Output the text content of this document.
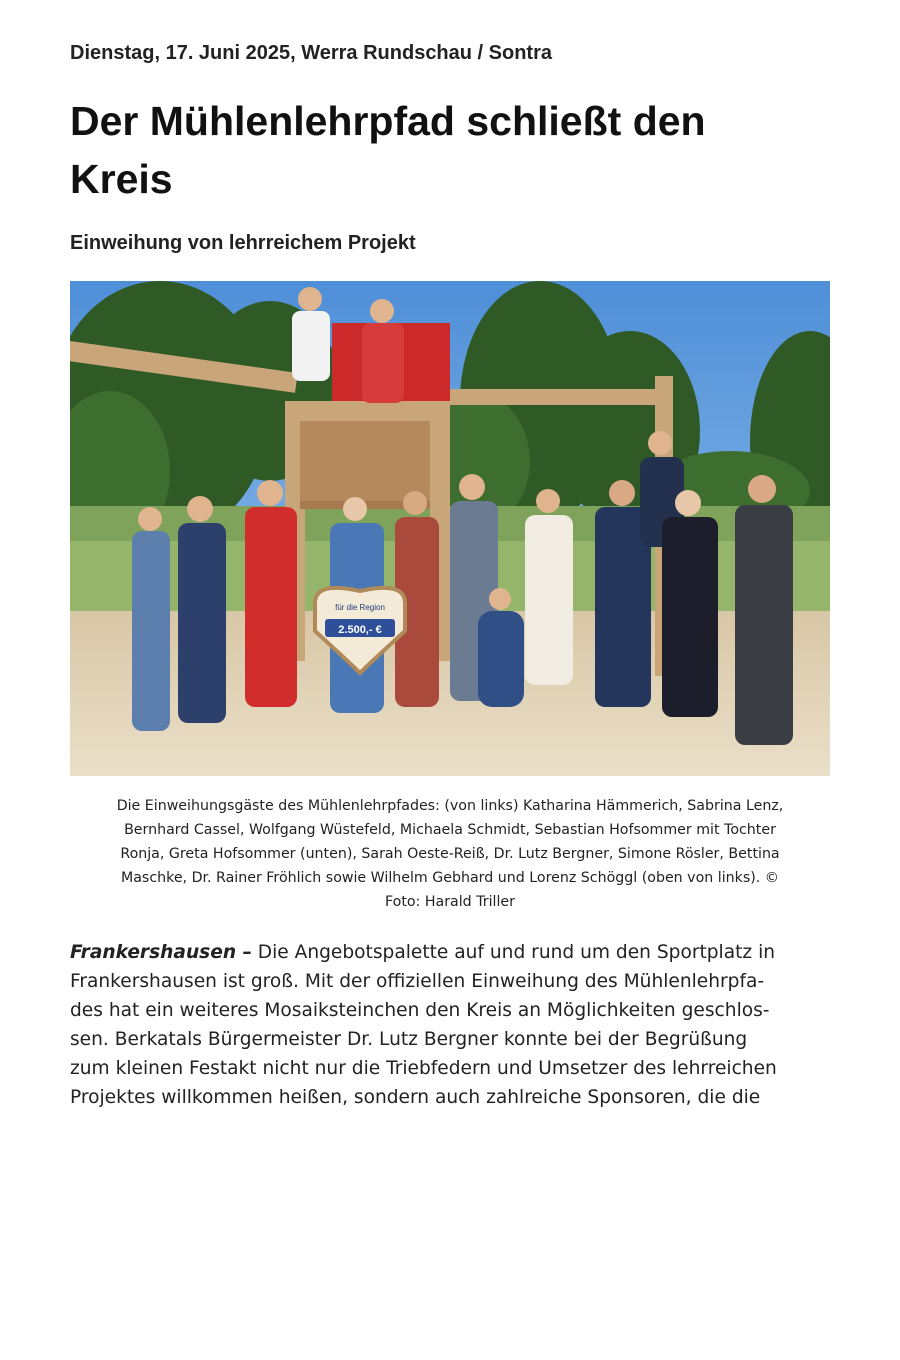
Dienstag, 17. Juni 2025, Werra Rundschau / Sontra
Der Mühlenlehrpfad schließt den
Kreis
Einweihung von lehrreichem Projekt
für die Region
2.500,- €
Die Einweihungsgäste des Mühlenlehrpfades: (von links) Katharina Hämmerich, Sabrina Lenz,
Bernhard Cassel, Wolfgang Wüstefeld, Michaela Schmidt, Sebastian Hofsommer mit Tochter
Ronja, Greta Hofsommer (unten), Sarah Oeste-Reiß, Dr. Lutz Bergner, Simone Rösler, Bettina
Maschke, Dr. Rainer Fröhlich sowie Wilhelm Gebhard und Lorenz Schöggl (oben von links). ©
Foto: Harald Triller
Frankershausen – Die Angebotspalette auf und rund um den Sportplatz in
Frankershausen ist groß. Mit der offiziellen Einweihung des Mühlenlehrpfa-
des hat ein weiteres Mosaiksteinchen den Kreis an Möglichkeiten geschlos-
sen. Berkatals Bürgermeister Dr. Lutz Bergner konnte bei der Begrüßung
zum kleinen Festakt nicht nur die Triebfedern und Umsetzer des lehrreichen
Projektes willkommen heißen, sondern auch zahlreiche Sponsoren, die die
